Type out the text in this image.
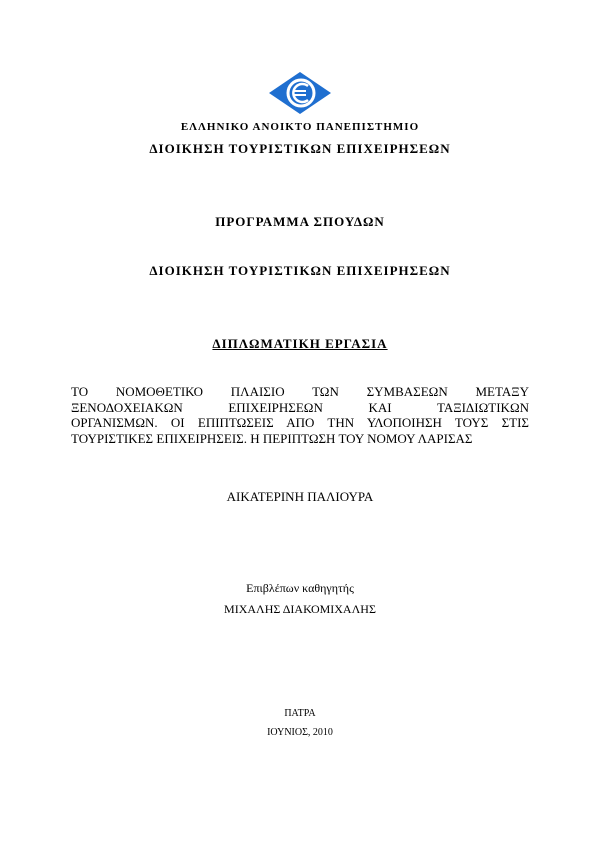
ΕΛΛΗΝΙΚΟ ΑΝΟΙΚΤΟ ΠΑΝΕΠΙΣΤΗΜΙΟ
ΔΙΟΙΚΗΣΗ ΤΟΥΡΙΣΤΙΚΩΝ ΕΠΙΧΕΙΡΗΣΕΩΝ
ΠΡΟΓΡΑΜΜΑ ΣΠΟΥΔΩΝ
ΔΙΟΙΚΗΣΗ ΤΟΥΡΙΣΤΙΚΩΝ ΕΠΙΧΕΙΡΗΣΕΩΝ
ΔΙΠΛΩΜΑΤΙΚΗ ΕΡΓΑΣΙΑ
ΤΟ ΝΟΜΟΘΕΤΙΚΟ ΠΛΑΙΣΙΟ ΤΩΝ ΣΥΜΒΑΣΕΩΝ ΜΕΤΑΞΥ
ΞΕΝΟΔΟΧΕΙΑΚΩΝ ΕΠΙΧΕΙΡΗΣΕΩΝ ΚΑΙ ΤΑΞΙΔΙΩΤΙΚΩΝ
ΟΡΓΑΝΙΣΜΩΝ. ΟΙ ΕΠΙΠΤΩΣΕΙΣ ΑΠΟ ΤΗΝ ΥΛΟΠΟΙΗΣΗ ΤΟΥΣ ΣΤΙΣ
ΤΟΥΡΙΣΤΙΚΕΣ ΕΠΙΧΕΙΡΗΣΕΙΣ. Η ΠΕΡΙΠΤΩΣΗ ΤΟΥ ΝΟΜΟΥ ΛΑΡΙΣΑΣ
ΑΙΚΑΤΕΡΙΝΗ ΠΑΛΙΟΥΡΑ
Επιβλέπων καθηγητής
ΜΙΧΑΛΗΣ ΔΙΑΚΟΜΙΧΑΛΗΣ
ΠΑΤΡΑ
ΙΟΥΝΙΟΣ, 2010
